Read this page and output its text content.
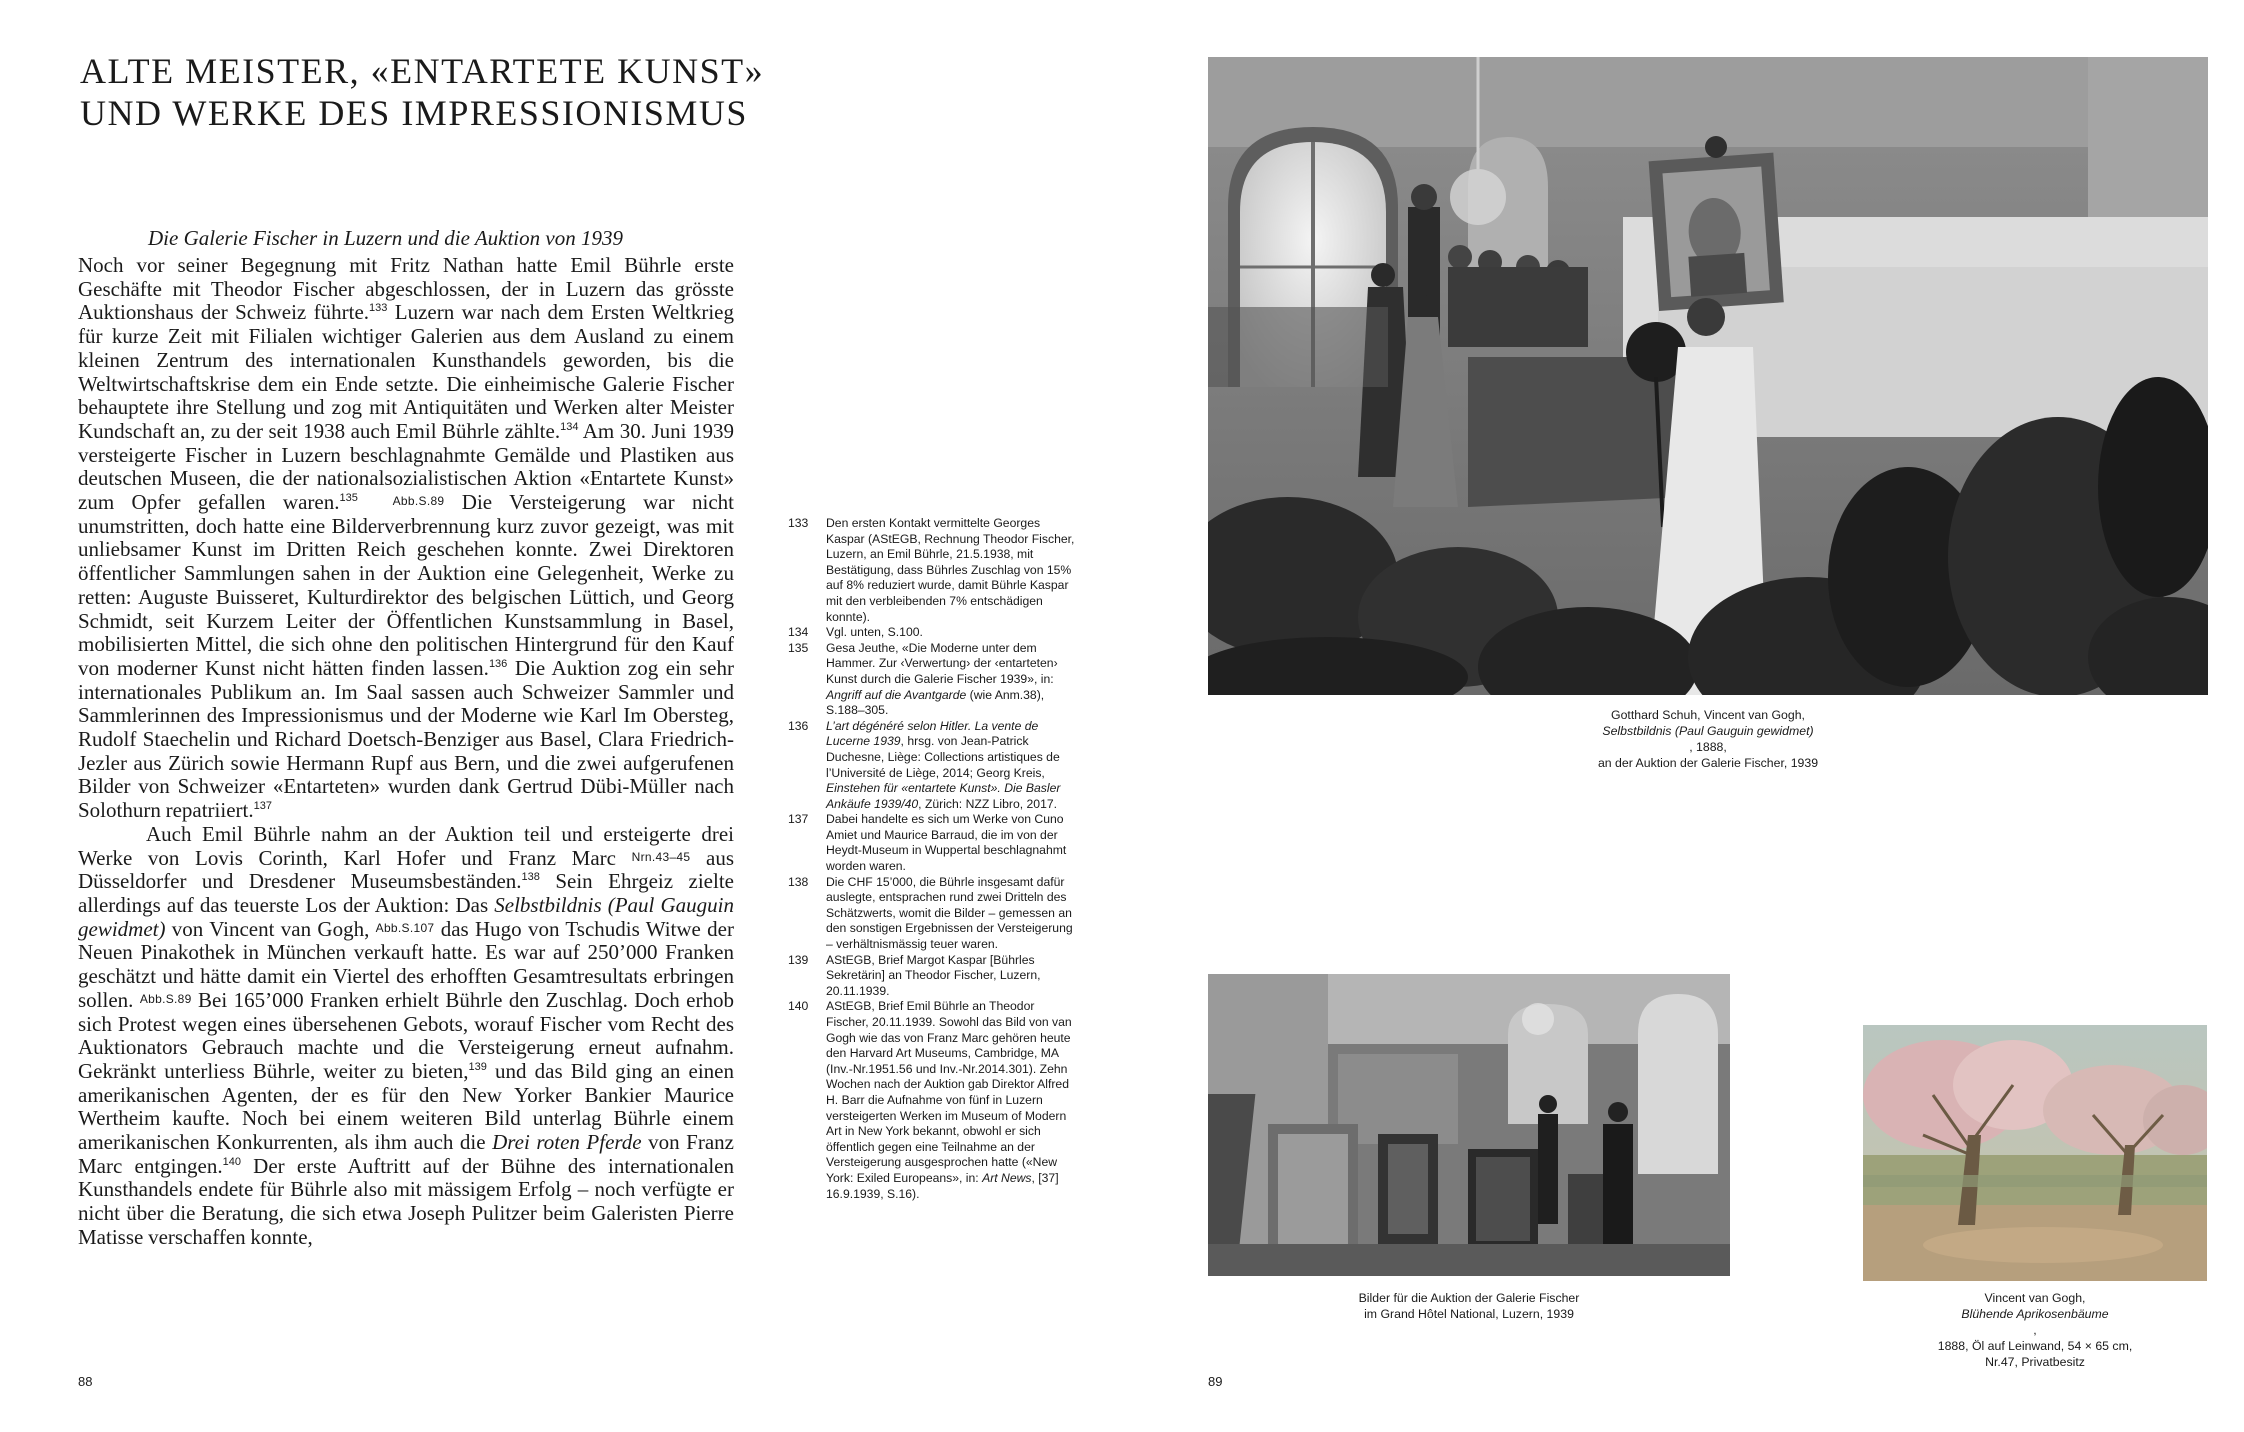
ALTE MEISTER, «ENTARTETE KUNST»
UND WERKE DES IMPRESSIONISMUS
Die Galerie Fischer in Luzern und die Auktion von 1939

Noch vor seiner Begegnung mit Fritz Nathan hatte Emil Bührle erste Geschäfte mit Theodor Fischer abgeschlossen, der in Luzern das grösste Auktionshaus der Schweiz führte.$^{133}$ Luzern war nach dem Ersten Weltkrieg für kurze Zeit mit Filialen wichtiger Galerien aus dem Ausland zu einem kleinen Zentrum des internationalen Kunsthandels geworden, bis die Weltwirtschaftskrise dem ein Ende setzte. Die einheimische Galerie Fischer behauptete ihre Stellung und zog mit Antiquitäten und Werken alter Meister Kundschaft an, zu der seit 1938 auch Emil Bührle zählte.$^{134}$ Am 30. Juni 1939 versteigerte Fischer in Luzern beschlagnahmte Gemälde und Plastiken aus deutschen Museen, die der nationalsozialistischen Aktion «Entartete Kunst» zum Opfer gefallen waren.$^{135}$	Abb.S.89 Die Versteigerung war nicht unumstritten, doch hatte eine Bilderverbrennung kurz zuvor gezeigt, was mit unliebsamer Kunst im Dritten Reich geschehen konnte. Zwei Direktoren öffentlicher Sammlungen sahen in der Auktion eine Gelegenheit, Werke zu retten: Auguste Buisseret, Kulturdirektor des belgischen Lüttich, und Georg Schmidt, seit Kurzem Leiter der Öffentlichen Kunstsammlung in Basel, mobilisierten Mittel, die sich ohne den politischen Hintergrund für den Kauf von moderner Kunst nicht hätten finden lassen.$^{136}$ Die Auktion zog ein sehr internationales Publikum an. Im Saal sassen auch Schweizer Sammler und Sammlerinnen des Impressionismus und der Moderne wie Karl Im Obersteg, Rudolf Staechelin und Richard Doetsch-Benziger aus Basel, Clara Friedrich-Jezler aus Zürich sowie Hermann Rupf aus Bern, und die zwei aufgerufenen Bilder von Schweizer «Entarteten» wurden dank Gertrud Dübi-Müller nach Solothurn repatriiert.$^{137}$

Auch Emil Bührle nahm an der Auktion teil und ersteigerte drei Werke von Lovis Corinth, Karl Hofer und Franz Marc Nrn.43–45 aus Düsseldorfer und Dresdener Museumsbeständen.$^{138}$ Sein Ehrgeiz zielte allerdings auf das teuerste Los der Auktion: Das Selbstbildnis (Paul Gauguin gewidmet) von Vincent van Gogh, Abb.S.107 das Hugo von Tschudis Witwe der Neuen Pinakothek in München verkauft hatte. Es war auf 250’000 Franken geschätzt und hätte damit ein Viertel des erhofften Gesamtresultats erbringen sollen. Abb.S.89 Bei 165’000 Franken erhielt Bührle den Zuschlag. Doch erhob sich Protest wegen eines übersehenen Gebots, worauf Fischer vom Recht des Auktionators Gebrauch machte und die Versteigerung erneut aufnahm. Gekränkt unterliess Bührle, weiter zu bieten,$^{139}$ und das Bild ging an einen amerikanischen Agenten, der es für den New Yorker Bankier Maurice Wertheim kaufte. Noch bei einem weiteren Bild unterlag Bührle einem amerikanischen Konkurrenten, als ihm auch die Drei roten Pferde von Franz Marc entgingen.$^{140}$ Der erste Auftritt auf der Bühne des internationalen Kunsthandels endete für Bührle also mit mässigem Erfolg – noch verfügte er nicht über die Beratung, die sich etwa Joseph Pulitzer beim Galeristen Pierre Matisse verschaffen konnte,

133	Den ersten Kontakt vermittelte Georges Kaspar (AStEGB, Rechnung Theodor Fischer, Luzern, an Emil Bührle, 21.5.1938, mit Bestätigung, dass Bührles Zuschlag von 15% auf 8% reduziert wurde, damit Bührle Kaspar mit den verbleibenden 7% entschädigen konnte).
134	Vgl. unten, S.100.
135	Gesa Jeuthe, «Die Moderne unter dem Hammer. Zur ‹Verwertung› der ‹entarteten› Kunst durch die Galerie Fischer 1939», in: Angriff auf die Avantgarde (wie Anm.38), S.188–305.
136	L’art dégénéré selon Hitler. La vente de Lucerne 1939, hrsg. von Jean-Patrick Duchesne, Liège: Collections artistiques de l’Université de Liège, 2014; Georg Kreis, Einstehen für «entartete Kunst». Die Basler Ankäufe 1939/40, Zürich: NZZ Libro, 2017.
137	Dabei handelte es sich um Werke von Cuno Amiet und Maurice Barraud, die im von der Heydt-Museum in Wuppertal beschlagnahmt worden waren.
138	Die CHF 15’000, die Bührle insgesamt dafür auslegte, entsprachen rund zwei Dritteln des Schätzwerts, womit die Bilder – gemessen an den sonstigen Ergebnissen der Versteigerung – verhältnismässig teuer waren.
139	AStEGB, Brief Margot Kaspar [Bührles Sekretärin] an Theodor Fischer, Luzern, 20.11.1939.
140	AStEGB, Brief Emil Bührle an Theodor Fischer, 20.11.1939. Sowohl das Bild von van Gogh wie das von Franz Marc gehören heute den Harvard Art Museums, Cambridge, MA (Inv.-Nr.1951.56 und Inv.-Nr.2014.301). Zehn Wochen nach der Auktion gab Direktor Alfred H. Barr die Aufnahme von fünf in Luzern versteigerten Werken im Museum of Modern Art in New York bekannt, obwohl er sich öffentlich gegen eine Teilnahme an der Versteigerung ausgesprochen hatte («New York: Exiled Europeans», in: Art News, [37] 16.9.1939, S.16).
88
Gotthard Schuh, Vincent van Gogh,
Selbstbildnis (Paul Gauguin gewidmet)
, 1888,
an der Auktion der Galerie Fischer, 1939
Bilder für die Auktion der Galerie Fischer
im Grand Hôtel National, Luzern, 1939
Vincent van Gogh,
Blühende Aprikosenbäume
,
1888, Öl auf Leinwand, 54 × 65 cm,
Nr.47, Privatbesitz
89
